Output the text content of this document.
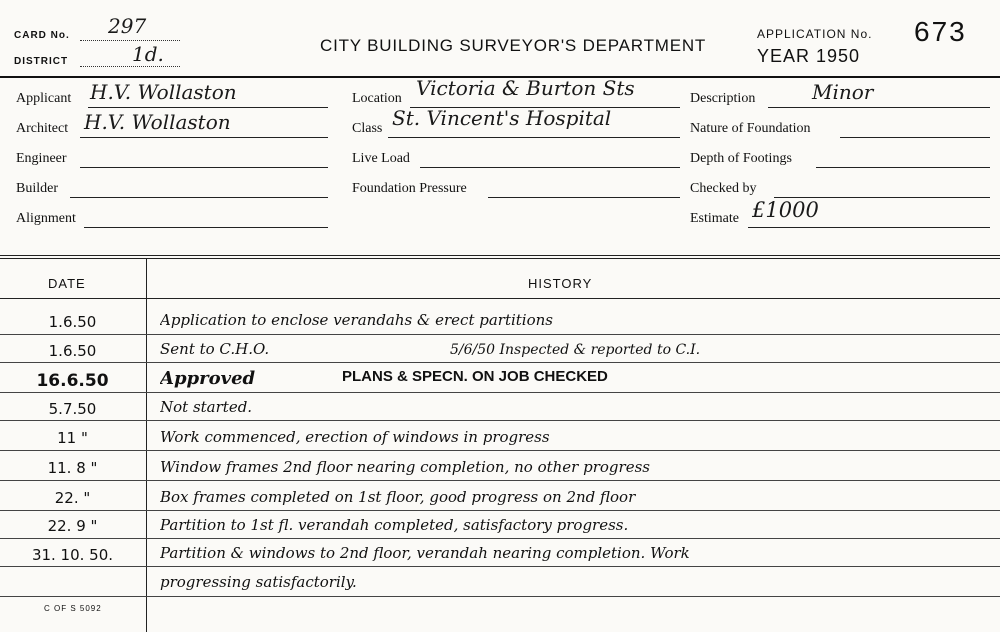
CARD No. 297
DISTRICT	1d.	CITY BUILDING SURVEYOR'S DEPARTMENT
APPLICATION No. 673
YEAR 1950
Applicant H.V. Wollaston
Architect H.V. Wollaston
Engineer
Builder
Alignment
Location Victoria & Burton Sts
Class St. Vincent's Hospital
Live Load
Foundation Pressure
Description	Minor
Nature of Foundation
Depth of Footings
Checked by
Estimate £1000
DATE	HISTORY
1.6.50	Application to enclose verandahs & erect partitions
1.6.50	Sent to C.H.O.	5/6/50 Inspected & reported to C.I.
16.6.50	Approved	PLANS & SPECN. ON JOB CHECKED
5.7.50	Not started.
11 "	Work commenced, erection of windows in progress
11. 8 "	Window frames 2nd floor nearing completion, no other progress
22. "	Box frames completed on 1st floor, good progress on 2nd floor
22. 9 "	Partition to 1st fl. verandah completed, satisfactory progress.
31. 10. 50.	Partition & windows to 2nd floor, verandah nearing completion. Work
progressing satisfactorily.
C OF S 5092
